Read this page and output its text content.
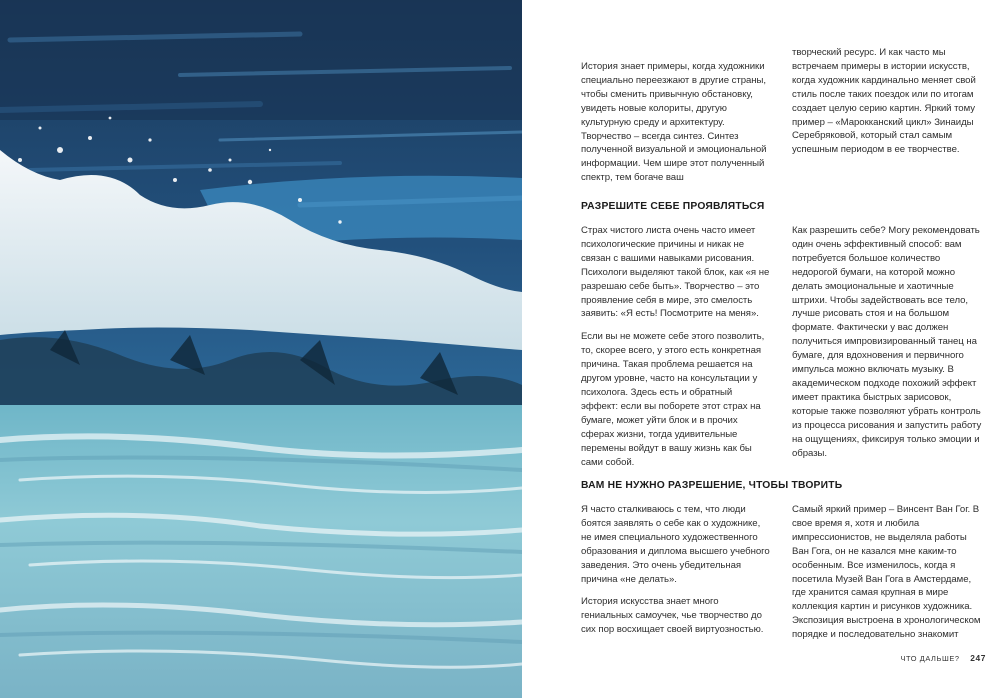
История знает примеры, когда художники специально переезжают в другие страны, чтобы сменить привычную обстановку, увидеть новые колориты, другую культурную среду и архитектуру. Творчество – всегда синтез. Синтез полученной визуальной и эмоциональной информации. Чем шире этот полученный спектр, тем богаче ваш

творческий ресурс. И как часто мы встречаем примеры в истории искусств, когда художник кардинально меняет свой стиль после таких поездок или по итогам создает целую серию картин. Яркий тому пример – «Марокканский цикл» Зинаиды Серебряковой, который стал самым успешным периодом в ее творчестве.

РАЗРЕШИТЕ СЕБЕ ПРОЯВЛЯТЬСЯ

Страх чистого листа очень часто имеет психологические причины и никак не связан с вашими навыками рисования. Психологи выделяют такой блок, как «я не разрешаю себе быть». Творчество – это проявление себя в мире, это смелость заявить: «Я есть! Посмотрите на меня».

Если вы не можете себе этого позволить, то, скорее всего, у этого есть конкретная причина. Такая проблема решается на другом уровне, часто на консультации у психолога. Здесь есть и обратный эффект: если вы поборете этот страх на бумаге, может уйти блок и в прочих сферах жизни, тогда удивительные перемены войдут в вашу жизнь как бы сами собой.

Как разрешить себе? Могу рекомендовать один очень эффективный способ: вам потребуется большое количество недорогой бумаги, на которой можно делать эмоциональные и хаотичные штрихи. Чтобы задействовать все тело, лучше рисовать стоя и на большом формате. Фактически у вас должен получиться импровизированный танец на бумаге, для вдохновения и первичного импульса можно включать музыку. В академическом подходе похожий эффект имеет практика быстрых зарисовок, которые также позволяют убрать контроль из процесса рисования и запустить работу на ощущениях, фиксируя только эмоции и образы.

ВАМ НЕ НУЖНО РАЗРЕШЕНИЕ, ЧТОБЫ ТВОРИТЬ

Я часто сталкиваюсь с тем, что люди боятся заявлять о себе как о художнике, не имея специального художественного образования и диплома высшего учебного заведения. Это очень убедительная причина «не делать».

История искусства знает много гениальных самоучек, чье творчество до сих пор восхищает своей виртуозностью.

Самый яркий пример – Винсент Ван Гог. В свое время я, хотя и любила импрессионистов, не выделяла работы Ван Гога, он не казался мне каким-то особенным. Все изменилось, когда я посетила Музей Ван Гога в Амстердаме, где хранится самая крупная в мире коллекция картин и рисунков художника. Экспозиция выстроена в хронологическом порядке и последовательно знакомит

ЧТО ДАЛЬШЕ? 247
